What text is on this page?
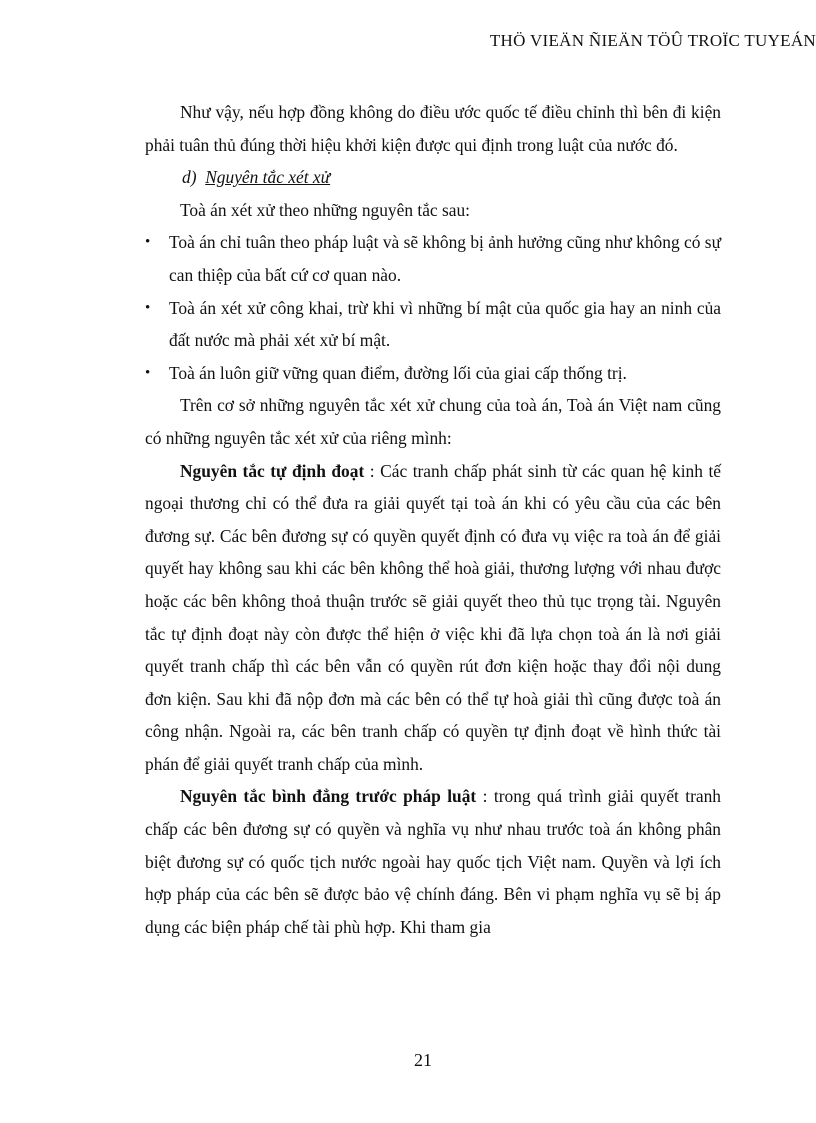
THÖ VIEÄN ÑIEÄN TÖÛ TROÏC TUYEÁN

Như vậy, nếu hợp đồng không do điều ước quốc tế điều chỉnh thì bên đi kiện phải tuân thủ đúng thời hiệu khởi kiện được qui định trong luật của nước đó.

d) Nguyên tắc xét xử

Toà án xét xử theo những nguyên tắc sau:

• Toà án chỉ tuân theo pháp luật và sẽ không bị ảnh hưởng cũng như không có sự can thiệp của bất cứ cơ quan nào.
• Toà án xét xử công khai, trừ khi vì những bí mật của quốc gia hay an ninh của đất nước mà phải xét xử bí mật.
• Toà án luôn giữ vững quan điểm, đường lối của giai cấp thống trị.

Trên cơ sở những nguyên tắc xét xử chung của toà án, Toà án Việt nam cũng có những nguyên tắc xét xử của riêng mình:

Nguyên tắc tự định đoạt : Các tranh chấp phát sinh từ các quan hệ kinh tế ngoại thương chỉ có thể đưa ra giải quyết tại toà án khi có yêu cầu của các bên đương sự. Các bên đương sự có quyền quyết định có đưa vụ việc ra toà án để giải quyết hay không sau khi các bên không thể hoà giải, thương lượng với nhau được hoặc các bên không thoả thuận trước sẽ giải quyết theo thủ tục trọng tài. Nguyên tắc tự định đoạt này còn được thể hiện ở việc khi đã lựa chọn toà án là nơi giải quyết tranh chấp thì các bên vẫn có quyền rút đơn kiện hoặc thay đổi nội dung đơn kiện. Sau khi đã nộp đơn mà các bên có thể tự hoà giải thì cũng được toà án công nhận. Ngoài ra, các bên tranh chấp có quyền tự định đoạt về hình thức tài phán để giải quyết tranh chấp của mình.

Nguyên tắc bình đẳng trước pháp luật : trong quá trình giải quyết tranh chấp các bên đương sự có quyền và nghĩa vụ như nhau trước toà án không phân biệt đương sự có quốc tịch nước ngoài hay quốc tịch Việt nam. Quyền và lợi ích hợp pháp của các bên sẽ được bảo vệ chính đáng. Bên vi phạm nghĩa vụ sẽ bị áp dụng các biện pháp chế tài phù hợp. Khi tham gia

21
